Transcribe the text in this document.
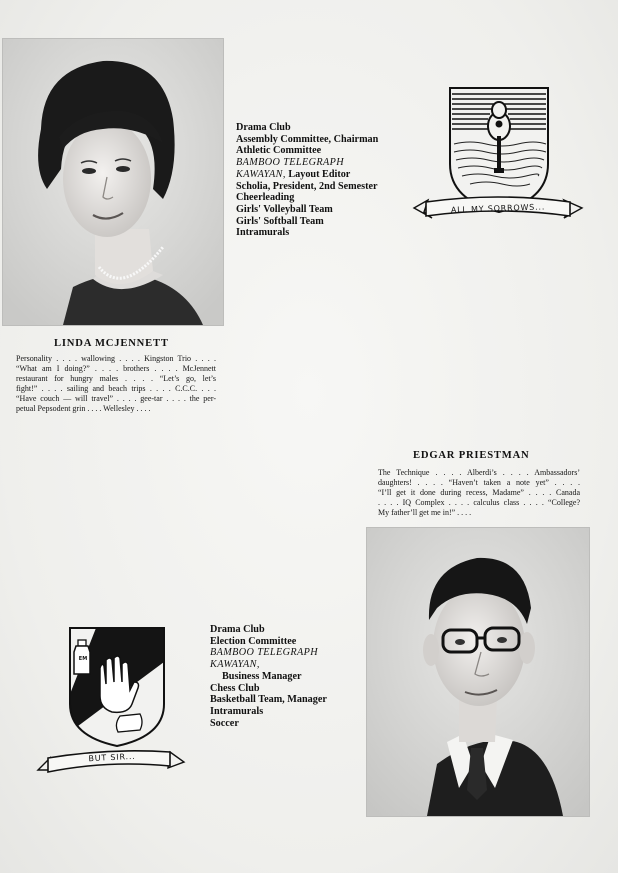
Drama Club
Assembly Committee, Chairman
Athletic Committee
BAMBOO TELEGRAPH
KAWAYAN, Layout Editor
Scholia, President, 2nd Semester
Cheerleading
Girls' Volleyball Team
Girls' Softball Team
Intramurals
ALL MY SORROWS...
LINDA MCJENNETT
Personality . . . . wallowing . . . . Kingston Trio . . . .
“What am I doing?” . . . . brothers . . . . McJennett
restaurant for hungry males . . . . “Let’s go, let’s
fight!” . . . . sailing and beach trips . . . . C.C.C. . . .
“Have couch — will travel” . . . . gee-tar . . . . the per-
petual Pepsodent grin . . . . Wellesley . . . .
EDGAR PRIESTMAN
The Technique . . . . Alberdi’s . . . . Ambassadors’
daughters! . . . . “Haven’t taken a note yet” . . . .
“I’ll get it done during recess, Madame” . . . . Canada
. . . . IQ Complex . . . . calculus class . . . . “College?
My father’ll get me in!” . . . .
EM
BUT SIR...
Drama Club
Election Committee
BAMBOO TELEGRAPH
KAWAYAN,
Business Manager
Chess Club
Basketball Team, Manager
Intramurals
Soccer
